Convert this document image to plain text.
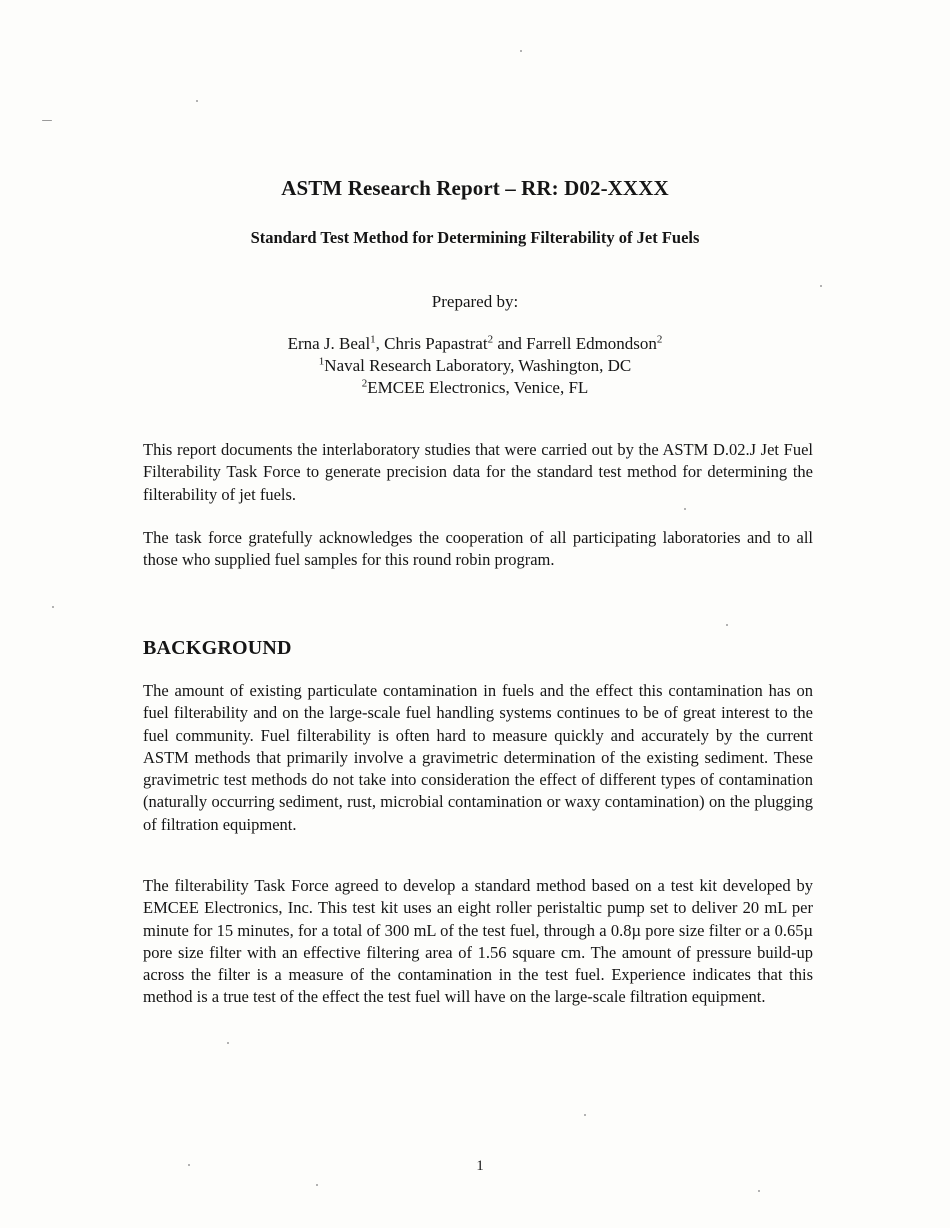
ASTM Research Report – RR: D02-XXXX
Standard Test Method for Determining Filterability of Jet Fuels
Prepared by:
Erna J. Beal$^1$, Chris Papastrat$^2$ and Farrell Edmondson$^2$
$^1$Naval Research Laboratory, Washington, DC
$^2$EMCEE Electronics, Venice, FL
This report documents the interlaboratory studies that were carried out by the ASTM D.02.J Jet Fuel Filterability Task Force to generate precision data for the standard test method for determining the filterability of jet fuels.
The task force gratefully acknowledges the cooperation of all participating laboratories and to all those who supplied fuel samples for this round robin program.
BACKGROUND
The amount of existing particulate contamination in fuels and the effect this contamination has on fuel filterability and on the large-scale fuel handling systems continues to be of great interest to the fuel community. Fuel filterability is often hard to measure quickly and accurately by the current ASTM methods that primarily involve a gravimetric determination of the existing sediment. These gravimetric test methods do not take into consideration the effect of different types of contamination (naturally occurring sediment, rust, microbial contamination or waxy contamination) on the plugging of filtration equipment.
The filterability Task Force agreed to develop a standard method based on a test kit developed by EMCEE Electronics, Inc. This test kit uses an eight roller peristaltic pump set to deliver 20 mL per minute for 15 minutes, for a total of 300 mL of the test fuel, through a 0.8µ pore size filter or a 0.65µ pore size filter with an effective filtering area of 1.56 square cm. The amount of pressure build-up across the filter is a measure of the contamination in the test fuel. Experience indicates that this method is a true test of the effect the test fuel will have on the large-scale filtration equipment.
1
